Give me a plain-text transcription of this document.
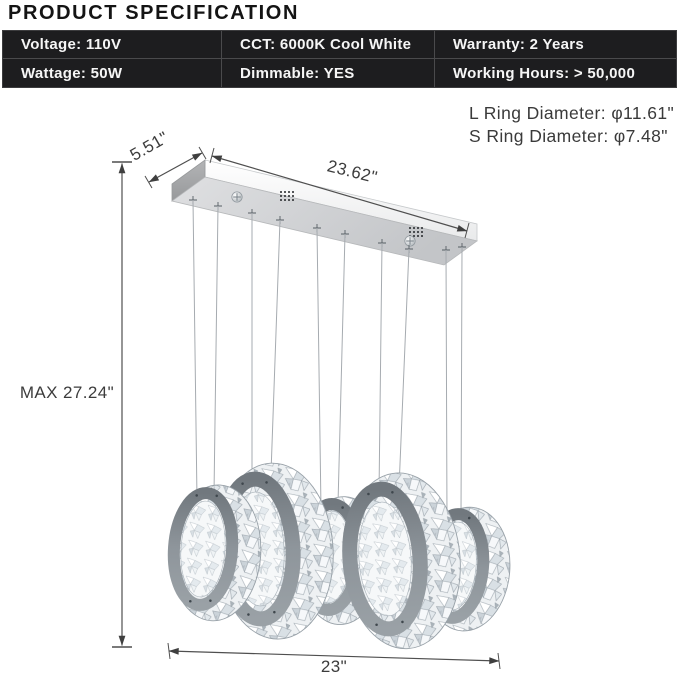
PRODUCT SPECIFICATION
Voltage: 110V	CCT: 6000K Cool White	Warranty: 2 Years
Wattage: 50W	Dimmable: YES	Working Hours: > 50,000
5.51"
23.62"
MAX 27.24"
23"
L Ring Diameter: φ11.61"
S Ring Diameter: φ7.48"
